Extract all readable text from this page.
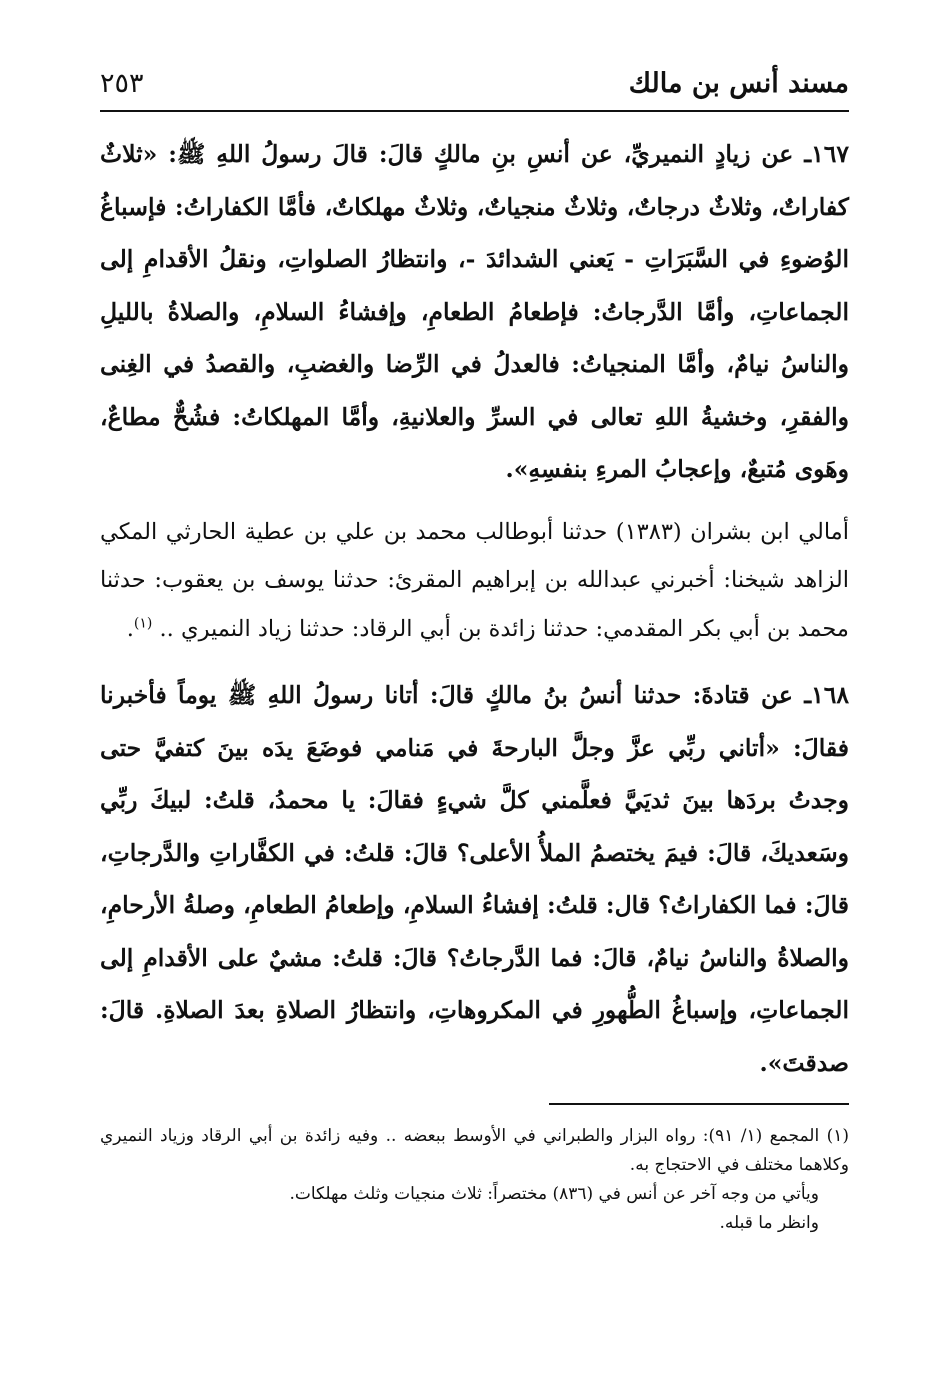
مسند أنس بن مالك
٢٥٣

١٦٧ـ عن زيادٍ النميريِّ، عن أنسِ بنِ مالكٍ قالَ: قالَ رسولُ اللهِ ﷺ: «ثلاثٌ كفاراتٌ، وثلاثٌ درجاتٌ، وثلاثٌ منجياتٌ، وثلاثٌ مهلكاتٌ، فأمَّا الكفاراتُ: فإسباغُ الوُضوءِ في السَّبَرَاتِ - يَعني الشدائدَ -، وانتظارُ الصلواتِ، ونقلُ الأقدامِ إلى الجماعاتِ، وأمَّا الدَّرجاتُ: فإطعامُ الطعامِ، وإفشاءُ السلامِ، والصلاةُ بالليلِ والناسُ نيامٌ، وأمَّا المنجياتُ: فالعدلُ في الرِّضا والغضبِ، والقصدُ في الغِنى والفقرِ، وخشيةُ اللهِ تعالى في السرِّ والعلانيةِ، وأمَّا المهلكاتُ: فشُحٌّ مطاعٌ، وهَوى مُتبعٌ، وإعجابُ المرءِ بنفسِهِ».

أمالي ابن بشران (١٣٨٣) حدثنا أبوطالب محمد بن علي بن عطية الحارثي المكي الزاهد شيخنا: أخبرني عبدالله بن إبراهيم المقرئ: حدثنا يوسف بن يعقوب: حدثنا محمد بن أبي بكر المقدمي: حدثنا زائدة بن أبي الرقاد: حدثنا زياد النميري .. $^{(١)}$.

١٦٨ـ عن قتادةَ: حدثنا أنسُ بنُ مالكٍ قالَ: أتانا رسولُ اللهِ ﷺ يوماً فأخبرنا فقالَ: «أتاني ربِّي عزَّ وجلَّ البارحةَ في مَنامي فوضَعَ يدَه بينَ كتفيَّ حتى وجدتُ بردَها بينَ ثديَيَّ فعلَّمني كلَّ شيءٍ فقالَ: يا محمدُ، قلتُ: لبيكَ ربِّي وسَعديكَ، قالَ: فيمَ يختصمُ الملأُ الأعلى؟ قالَ: قلتُ: في الكفَّاراتِ والدَّرجاتِ، قالَ: فما الكفاراتُ؟ قال: قلتُ: إفشاءُ السلامِ، وإطعامُ الطعامِ، وصلةُ الأرحامِ، والصلاةُ والناسُ نيامٌ، قالَ: فما الدَّرجاتُ؟ قالَ: قلتُ: مشيٌ على الأقدامِ إلى الجماعاتِ، وإسباغُ الطُّهورِ في المكروهاتِ، وانتظارُ الصلاةِ بعدَ الصلاةِ. قالَ: صدقتَ».

(١) المجمع (١/ ٩١): رواه البزار والطبراني في الأوسط ببعضه .. وفيه زائدة بن أبي الرقاد وزياد النميري وكلاهما مختلف في الاحتجاج به.

ويأتي من وجه آخر عن أنس في (٨٣٦) مختصراً: ثلاث منجيات وثلث مهلكات.

وانظر ما قبله.
